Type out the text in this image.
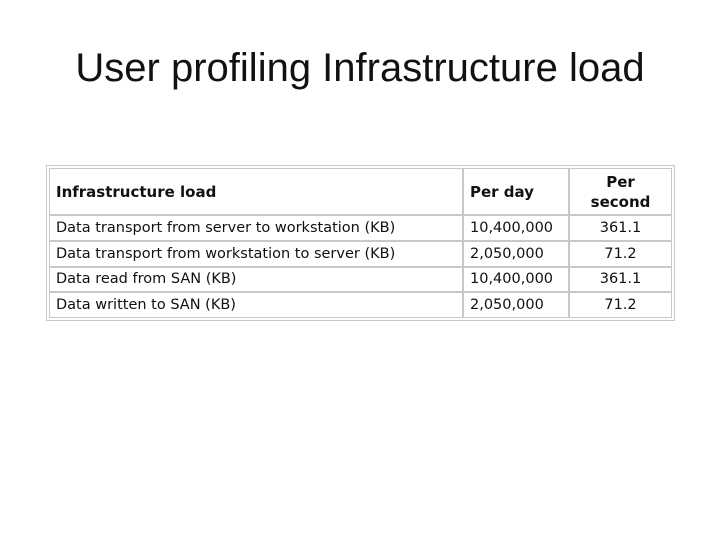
User profiling Infrastructure load
Infrastructure load	Per day	Per
second
Data transport from server to workstation (KB)	10,400,000	361.1
Data transport from workstation to server (KB)	2,050,000	71.2
Data read from SAN (KB)	10,400,000	361.1
Data written to SAN (KB)	2,050,000	71.2
